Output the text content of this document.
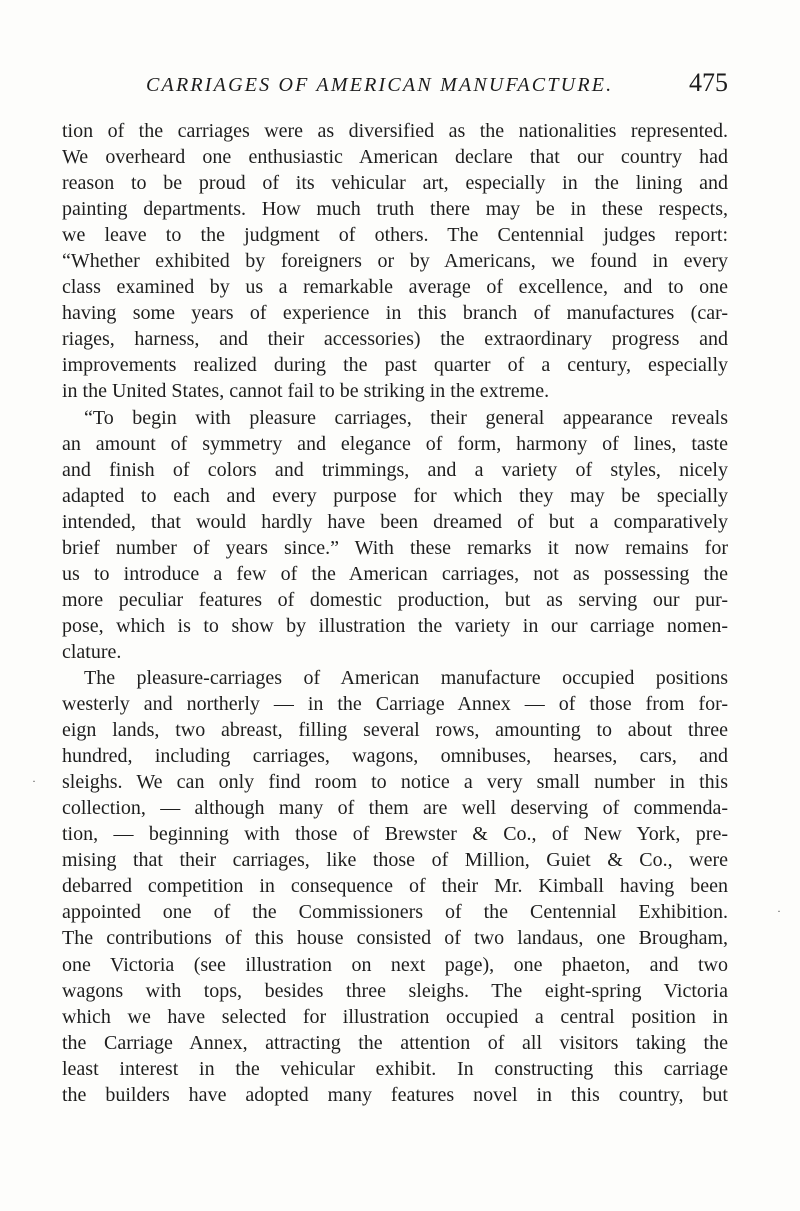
CARRIAGES OF AMERICAN MANUFACTURE.	475
tion of the carriages were as diversified as the nationalities represented.
We overheard one enthusiastic American declare that our country had
reason to be proud of its vehicular art, especially in the lining and
painting departments. How much truth there may be in these respects,
we leave to the judgment of others. The Centennial judges report:
“Whether exhibited by foreigners or by Americans, we found in every
class examined by us a remarkable average of excellence, and to one
having some years of experience in this branch of manufactures (car-
riages, harness, and their accessories) the extraordinary progress and
improvements realized during the past quarter of a century, especially
in the United States, cannot fail to be striking in the extreme.
“To begin with pleasure carriages, their general appearance reveals
an amount of symmetry and elegance of form, harmony of lines, taste
and finish of colors and trimmings, and a variety of styles, nicely
adapted to each and every purpose for which they may be specially
intended, that would hardly have been dreamed of but a comparatively
brief number of years since.” With these remarks it now remains for
us to introduce a few of the American carriages, not as possessing the
more peculiar features of domestic production, but as serving our pur-
pose, which is to show by illustration the variety in our carriage nomen-
clature.
The pleasure-carriages of American manufacture occupied positions
westerly and northerly — in the Carriage Annex — of those from for-
eign lands, two abreast, filling several rows, amounting to about three
hundred, including carriages, wagons, omnibuses, hearses, cars, and
sleighs. We can only find room to notice a very small number in this
collection, — although many of them are well deserving of commenda-
tion, — beginning with those of Brewster & Co., of New York, pre-
mising that their carriages, like those of Million, Guiet & Co., were
debarred competition in consequence of their Mr. Kimball having been
appointed one of the Commissioners of the Centennial Exhibition.
The contributions of this house consisted of two landaus, one Brougham,
one Victoria (see illustration on next page), one phaeton, and two
wagons with tops, besides three sleighs. The eight-spring Victoria
which we have selected for illustration occupied a central position in
the Carriage Annex, attracting the attention of all visitors taking the
least interest in the vehicular exhibit. In constructing this carriage
the builders have adopted many features novel in this country, but
·
·
